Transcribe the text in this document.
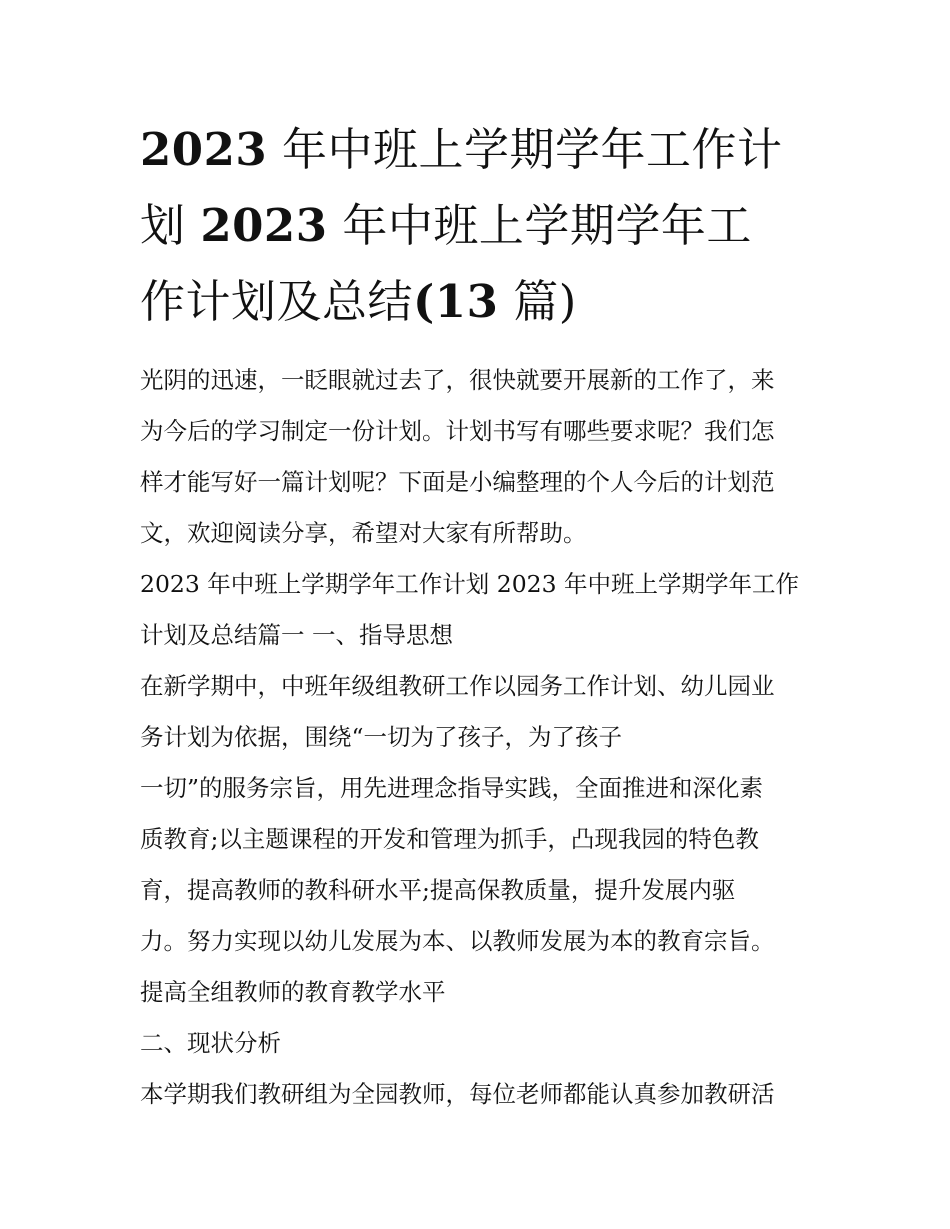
2023 年中班上学期学年工作计
划 2023 年中班上学期学年工
作计划及总结(13 篇)
光阴的迅速，一眨眼就过去了，很快就要开展新的工作了，来
为今后的学习制定一份计划。计划书写有哪些要求呢？我们怎
样才能写好一篇计划呢？下面是小编整理的个人今后的计划范
文，欢迎阅读分享，希望对大家有所帮助。
2023 年中班上学期学年工作计划 2023 年中班上学期学年工作
计划及总结篇一 一、指导思想
在新学期中，中班年级组教研工作以园务工作计划、幼儿园业
务计划为依据，围绕“一切为了孩子，为了孩子
一切”的服务宗旨，用先进理念指导实践，全面推进和深化素
质教育;以主题课程的开发和管理为抓手，凸现我园的特色教
育，提高教师的教科研水平;提高保教质量，提升发展内驱
力。努力实现以幼儿发展为本、以教师发展为本的教育宗旨。
提高全组教师的教育教学水平
二、现状分析
本学期我们教研组为全园教师，每位老师都能认真参加教研活
